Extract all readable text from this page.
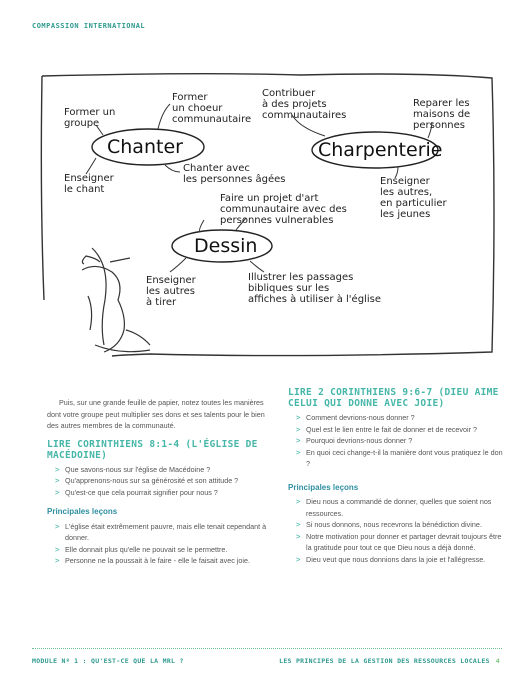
COMPASSION INTERNATIONAL
Chanter	Charpenterie
Dessin
Former un
groupe
Former
un choeur
communautaire
Enseigner
le chant
Chanter avec
les personnes âgées
Contribuer
à des projets
communautaires
Reparer les
maisons de
personnes
Enseigner
les autres,
en particulier
les jeunes
Faire un projet d'art
communautaire avec des
personnes vulnerables
Enseigner
les autres
à tirer
Illustrer les passages
bibliques sur les
affiches à utiliser à l'église

Puis, sur une grande feuille de papier, notez toutes les manières dont votre groupe peut multiplier ses dons et ses talents pour le bien des autres membres de la communauté.

LIRE CORINTHIENS 8:1-4 (L'ÉGLISE DE MACÉDOINE)
> Que savons-nous sur l'église de Macédoine ?
> Qu'apprenons-nous sur sa générosité et son attitude ?
> Qu'est-ce que cela pourrait signifier pour nous ?
Principales leçons
> L'église était extrêmement pauvre, mais elle tenait cependant à donner.
> Elle donnait plus qu'elle ne pouvait se le permettre.
> Personne ne la poussait à le faire - elle le faisait avec joie.
LIRE 2 CORINTHIENS 9:6-7 (DIEU AIME CELUI QUI DONNE AVEC JOIE)
> Comment devrions-nous donner ?
> Quel est le lien entre le fait de donner et de recevoir ?
> Pourquoi devrions-nous donner ?
> En quoi ceci change-t-il la manière dont vous pratiquez le don ?
Principales leçons
> Dieu nous a commandé de donner, quelles que soient nos ressources.
> Si nous donnons, nous recevrons la bénédiction divine.
> Notre motivation pour donner et partager devrait toujours être la gratitude pour tout ce que Dieu nous a déjà donné.
> Dieu veut que nous donnions dans la joie et l'allégresse.
MODULE Nº 1 : QU'EST-CE QUE LA MRL ?	LES PRINCIPES DE LA GESTION DES RESSOURCES LOCALES 4
